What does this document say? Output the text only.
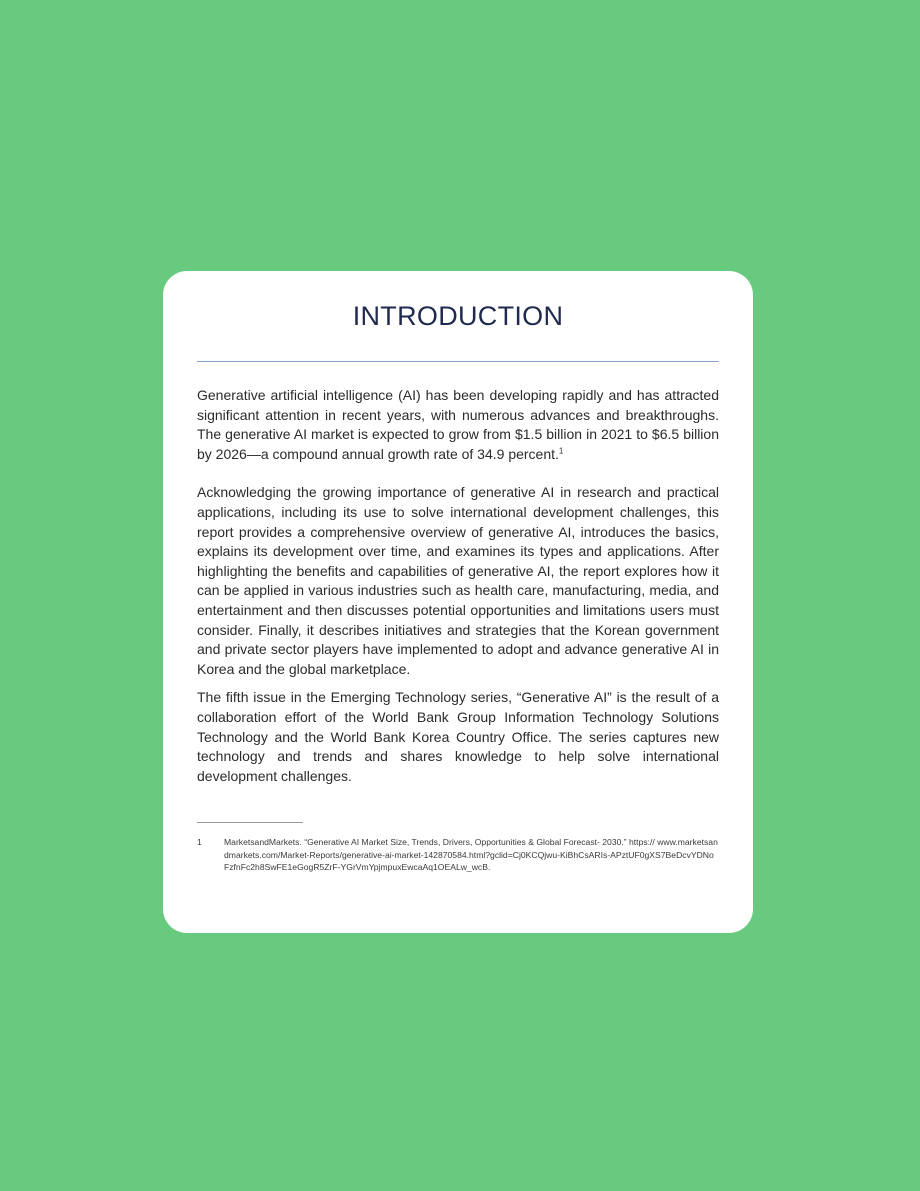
INTRODUCTION

Generative artificial intelligence (AI) has been developing rapidly and has attracted significant attention in recent years, with numerous advances and breakthroughs. The generative AI market is expected to grow from $1.5 billion in 2021 to $6.5 billion by 2026—a compound annual growth rate of 34.9 percent.$^1$

Acknowledging the growing importance of generative AI in research and practical applications, including its use to solve international development challenges, this report provides a comprehensive overview of generative AI, introduces the basics, explains its development over time, and examines its types and applications. After highlighting the benefits and capabilities of generative AI, the report explores how it can be applied in various industries such as health care, manufacturing, media, and entertainment and then discusses potential opportunities and limitations users must consider. Finally, it describes initiatives and strategies that the Korean government and private sector players have implemented to adopt and advance generative AI in Korea and the global marketplace.

The fifth issue in the Emerging Technology series, “Generative AI” is the result of a collaboration effort of the World Bank Group Information Technology Solutions Technology and the World Bank Korea Country Office. The series captures new technology and trends and shares knowledge to help solve international development challenges.

1	MarketsandMarkets. “Generative AI Market Size, Trends, Drivers, Opportunities & Global Forecast- 2030.” https:// www.marketsandmarkets.com/Market-Reports/generative-ai-market-142870584.html?gclid=Cj0KCQjwu-KiBhCsARIs-APztUF0gXS7BeDcvYDNoFzfnFc2h8SwFE1eGogR5ZrF-YGrVmYpjmpuxEwcaAq1OEALw_wcB.
